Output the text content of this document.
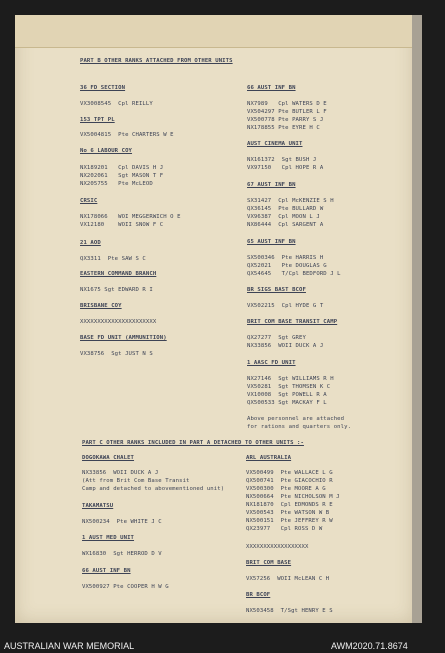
PART B OTHER RANKS ATTACHED FROM OTHER UNITS
36 FD SECTION
VX3008545  Cpl REILLY
153 TPT PL
VX5004815  Pte CHARTERS W E
No 6 LABOUR COY
NX189201   Cpl DAVIS H J
NX202061   Sgt MASON T F
NX205755   Pte McLEOD
CRSIC
NX178066   WOI MEGGERWICH O E
VX12180    WOII SNOW F C
21 AOD
QX3311  Pte SAW S C
EASTERN COMMAND BRANCH
NX1675 Sgt EDWARD R I
BRISBANE COY
XXXXXXXXXXXXXXXXXXXXXX
BASE FD UNIT (AMMUNITION)
VX38756  Sgt JUST N S
66 AUST INF BN
NX7989   Cpl WATERS D E
VX504297 Pte BUTLER L F
VX500778 Pte PARRY S J
NX178855 Pte EYRE H C
AUST CINEMA UNIT
NX161372  Sgt BUSH J
VX97150   Cpl HOPE R A
67 AUST INF BN
SX31427  Cpl McKENZIE S H
QX36145  Pte BULLARD W
VX96387  Cpl MOON L J
NX86444  Cpl SARGENT A
65 AUST INF BN
SX500346  Pte HARRIS H
QX52021   Pte DOUGLAS G
QX54645   T/Cpl BEDFORD J L
BR SIGS BAST BCOF
VX502215  Cpl HYDE G T
BRIT COM BASE TRANSIT CAMP
QX27277  Sgt GREY
NX33856  WOII DUCK A J
1 AASC FD UNIT
NX27146  Sgt WILLIAMS R H
VX50281  Sgt THOMSEN K C
VX10008  Sgt POWELL R A
QX500533 Sgt MACKAY F L
Above personnel are attached
for rations and quarters only.
PART C OTHER RANKS INCLUDED IN PART A DETACHED TO OTHER UNITS :-
DOGOKAWA CHALET
NX33856  WOII DUCK A J
(Att from Brit Com Base Transit
Camp and detached to abovementioned unit)
TAKAMATSU
NX500234  Pte WHITE J C
1 AUST MED UNIT
WX16830  Sgt HERROD D V
66 AUST INF BN
VX500927 Pte COOPER H W G
ARL AUSTRALIA
VX500499  Pte WALLACE L G
QX500741  Pte GIACOCHIO R
VX500300  Pte MOORE A G
NX500664  Pte NICHOLSON M J
NX181870  Cpl EDMONDS R E
VX500543  Pte WATSON W B
NX500151  Pte JEFFREY R W
QX23977   Cpl ROSS D W
XXXXXXXXXXXXXXXXXX
BRIT COM BASE
VX57256  WOII McLEAN C H
BR BCOF
NX503458  T/Sgt HENRY E S
AUSTRALIAN WAR MEMORIAL	AWM2020.71.8674
